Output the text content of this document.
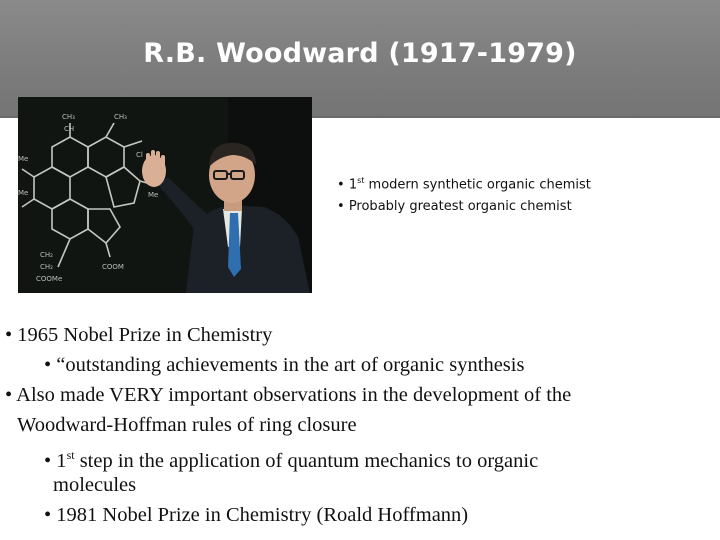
R.B. Woodward (1917-1979)
CH₃
CH
CH₃
Me	Cl
Me	Me
CH₂
CH₂
COOMe
COOM
• 1st modern synthetic organic chemist
• Probably greatest organic chemist
• 1965 Nobel Prize in Chemistry
• “outstanding achievements in the art of organic synthesis
• Also made VERY important observations in the development of the
Woodward-Hoffman rules of ring closure
• 1st step in the application of quantum mechanics to organic
molecules
• 1981 Nobel Prize in Chemistry (Roald Hoffmann)
